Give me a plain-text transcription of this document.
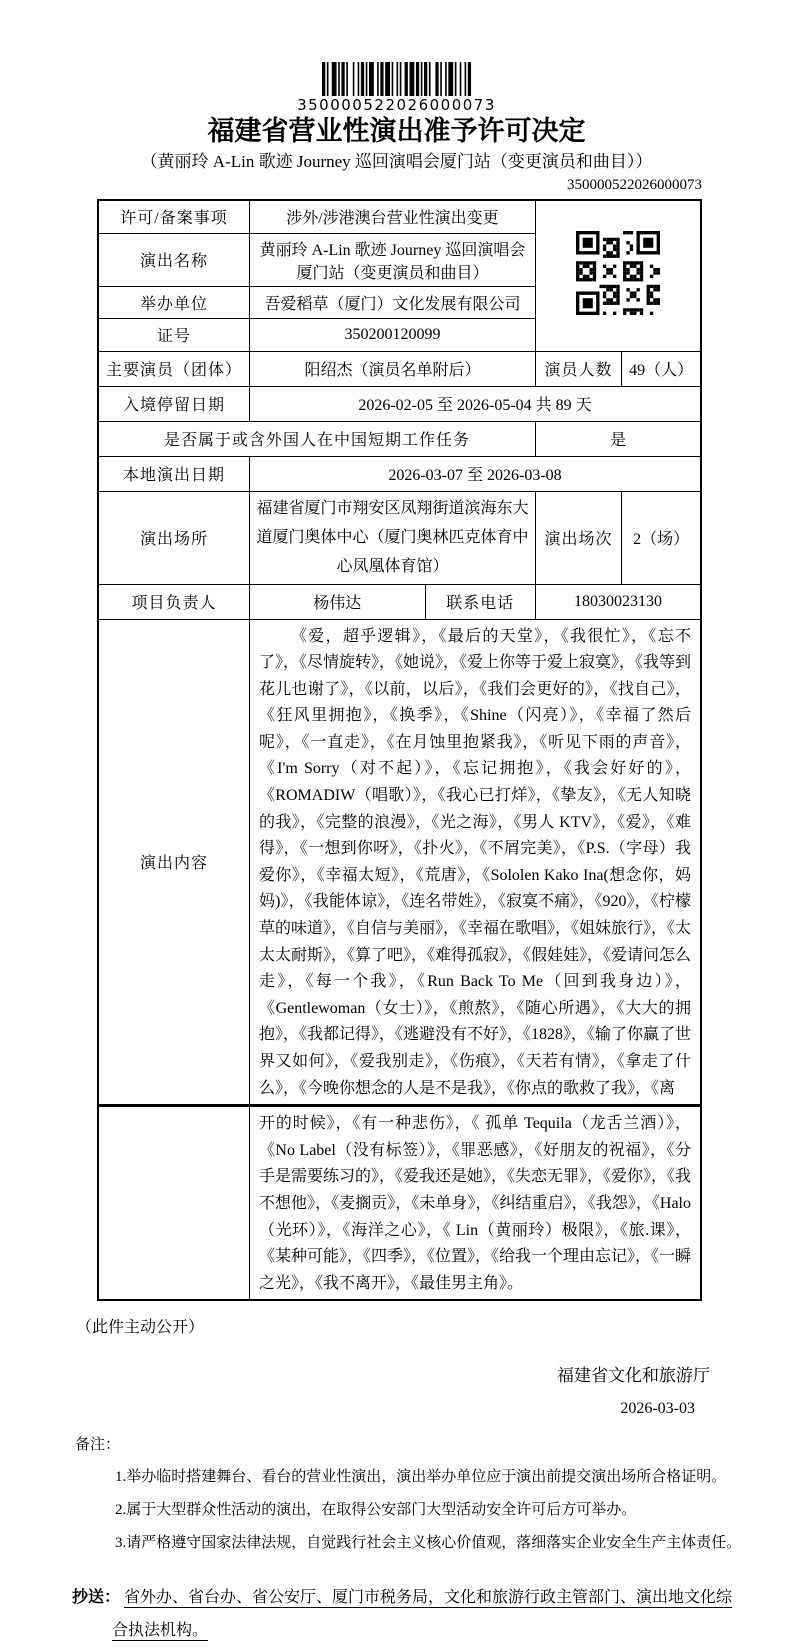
350000522026000073
福建省营业性演出准予许可决定
（黄丽玲 A-Lin 歌迹 Journey 巡回演唱会厦门站（变更演员和曲目））
350000522026000073
许可/备案事项	涉外/涉港澳台营业性演出变更	
演出名称	黄丽玲 A-Lin 歌迹 Journey 巡回演唱会厦门站（变更演员和曲目）			
举办单位	吾爱稻草（厦门）文化发展有限公司			
证号	350200120099			
主要演员（团体）	阳绍杰（演员名单附后）		演员人数	49（人）
入境停留日期	2026-02-05 至 2026-05-04 共 89 天			
是否属于或含外国人在中国短期工作任务			是	
本地演出日期	2026-03-07 至 2026-03-08			
演出场所	福建省厦门市翔安区凤翔街道滨海东大道厦门奥体中心（厦门奥林匹克体育中心凤凰体育馆）		演出场次	2（场）
项目负责人	杨伟达	联系电话	18030023130	
演出内容	《爱，超乎逻辑》，《最后的天堂》，《我很忙》，《忘不了》，《尽情旋转》，《她说》，《爱上你等于爱上寂寞》，《我等到花儿也谢了》，《以前，以后》，《我们会更好的》，《找自己》，《狂风里拥抱》，《换季》，《Shine（闪亮）》，《幸福了然后呢》，《一直走》，《在月蚀里抱紧我》，《听见下雨的声音》，《I'm Sorry（对不起）》，《忘记拥抱》，《我会好好的》，《ROMADIW（唱歌）》，《我心已打烊》，《挚友》，《无人知晓的我》，《完整的浪漫》，《光之海》，《男人 KTV》，《爱》，《难得》，《一想到你呀》，《扑火》，《不屑完美》，《P.S.（字母）我爱你》，《幸福太短》，《荒唐》，《Sololen Kako Ina(想念你，妈妈)》，《我能体谅》，《连名带姓》，《寂寞不痛》，《920》，《柠檬草的味道》，《自信与美丽》，《幸福在歌唱》，《姐妹旅行》，《太太太耐斯》，《算了吧》，《难得孤寂》，《假娃娃》，《爱请问怎么走》，《每一个我》，《Run Back To Me（回到我身边）》，《Gentlewoman（女士）》，《煎熬》，《随心所遇》，《大大的拥抱》，《我都记得》，《逃避没有不好》，《1828》，《输了你赢了世界又如何》，《爱我别走》，《伤痕》，《天若有情》，《拿走了什么》，《今晚你想念的人是不是我》，《你点的歌救了我》，《离			
	开的时候》，《有一种悲伤》，《 孤单 Tequila（龙舌兰酒）》，《No Label（没有标签）》，《罪恶感》，《好朋友的祝福》，《分手是需要练习的》，《爱我还是她》，《失恋无罪》，《爱你》，《我不想他》，《麦搁贡》，《未单身》，《纠结重启》，《我怨》，《Halo （光环）》，《海洋之心》，《 Lin（黄丽玲）极限》，《旅.课》，《某种可能》，《四季》，《位置》，《给我一个理由忘记》，《一瞬之光》，《我不离开》，《最佳男主角》。			
（此件主动公开）
福建省文化和旅游厅
2026-03-03
备注：
1.举办临时搭建舞台、看台的营业性演出，演出举办单位应于演出前提交演出场所合格证明。
2.属于大型群众性活动的演出，在取得公安部门大型活动安全许可后方可举办。
3.请严格遵守国家法律法规，自觉践行社会主义核心价值观，落细落实企业安全生产主体责任。
抄送： 省外办、省台办、省公安厅、厦门市税务局，文化和旅游行政主管部门、演出地文化综合执法机构。
